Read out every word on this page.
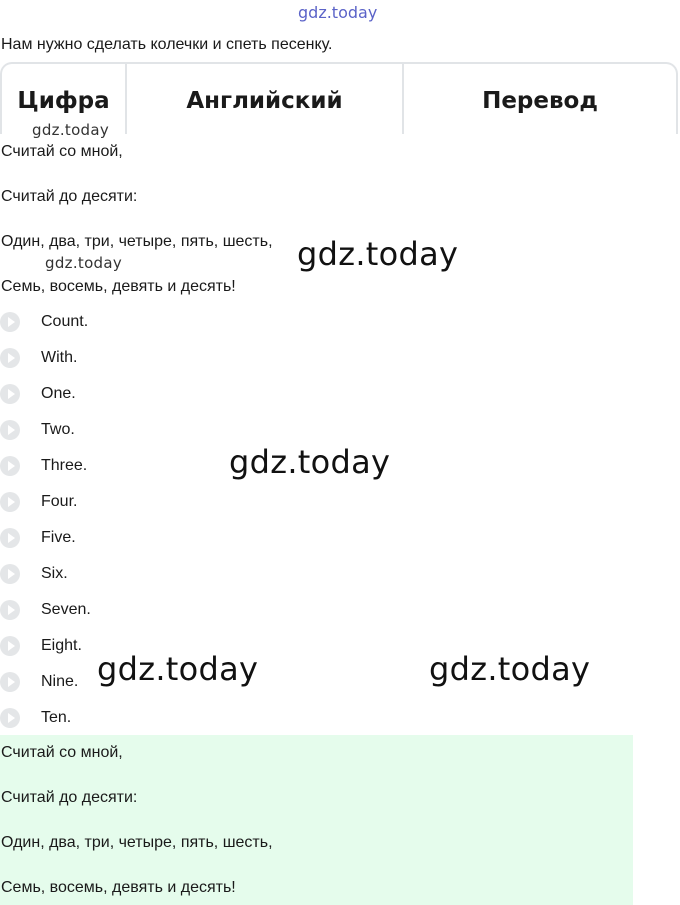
gdz.today
Нам нужно сделать колечки и спеть песенку.
Цифра	Английский	Перевод
gdz.today
Считай со мной,
Считай до десяти:
Один, два, три, четыре, пять, шесть,
gdz.today	gdz.today
Семь, восемь, девять и десять!
Count.
With.
One.
Two.
Three.	gdz.today
Four.
Five.
Six.
Seven.
Eight.
Nine. gdz.today	gdz.today
Ten.
Считай со мной,
Считай до десяти:
Один, два, три, четыре, пять, шесть,
Семь, восемь, девять и десять!
